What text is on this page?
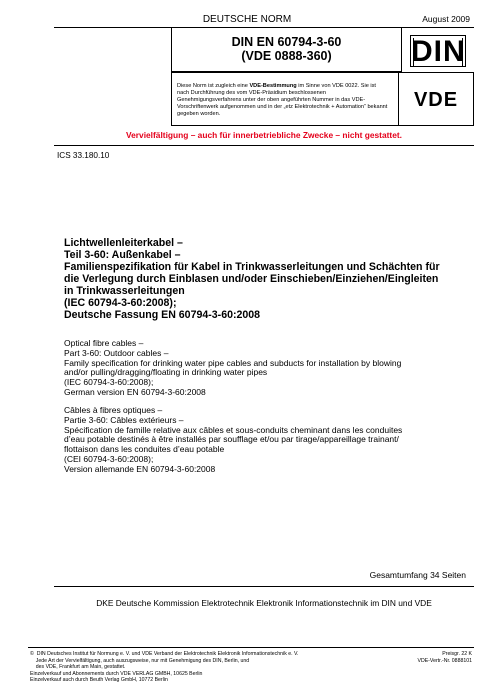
DEUTSCHE NORM	August 2009
DIN EN 60794-3-60
(VDE 0888-360)	DIN
Diese Norm ist zugleich eine VDE-Bestimmung im Sinne von VDE 0022. Sie ist nach Durchführung des vom VDE-Präsidium beschlossenen Genehmigungsverfahrens unter der oben angeführten Nummer in das VDE-Vorschriftenwerk aufgenommen und in der „etz Elektrotechnik + Automation“ bekannt gegeben worden.
VDE
Vervielfältigung – auch für innerbetriebliche Zwecke – nicht gestattet.
ICS 33.180.10
Lichtwellenleiterkabel –
Teil 3-60: Außenkabel –
Familienspezifikation für Kabel in Trinkwasserleitungen und Schächten für
die Verlegung durch Einblasen und/oder Einschieben/Einziehen/Eingleiten
in Trinkwasserleitungen
(IEC 60794-3-60:2008);
Deutsche Fassung EN 60794-3-60:2008
Optical fibre cables –
Part 3-60: Outdoor cables –
Family specification for drinking water pipe cables and subducts for installation by blowing
and/or pulling/dragging/floating in drinking water pipes
(IEC 60794-3-60:2008);
German version EN 60794-3-60:2008
Câbles à fibres optiques –
Partie 3-60: Câbles extérieurs –
Spécification de famille relative aux câbles et sous-conduits cheminant dans les conduites
d’eau potable destinés à être installés par soufflage et/ou par tirage/appareillage trainant/
flottaison dans les conduites d’eau potable
(CEI 60794-3-60:2008);
Version allemande EN 60794-3-60:2008
Gesamtumfang 34 Seiten
DKE Deutsche Kommission Elektrotechnik Elektronik Informationstechnik im DIN und VDE
©  DIN Deutsches Institut für Normung e. V. und VDE Verband der Elektrotechnik Elektronik Informationstechnik e. V.
Jede Art der Vervielfältigung, auch auszugsweise, nur mit Genehmigung des DIN, Berlin, und
des VDE, Frankfurt am Main, gestattet.
Einzelverkauf und Abonnements durch VDE VERLAG GMBH, 10625 Berlin
Einzelverkauf auch durch Beuth Verlag GmbH, 10772 Berlin
Preisgr. 22 K
VDE-Vertr.-Nr. 0888101
